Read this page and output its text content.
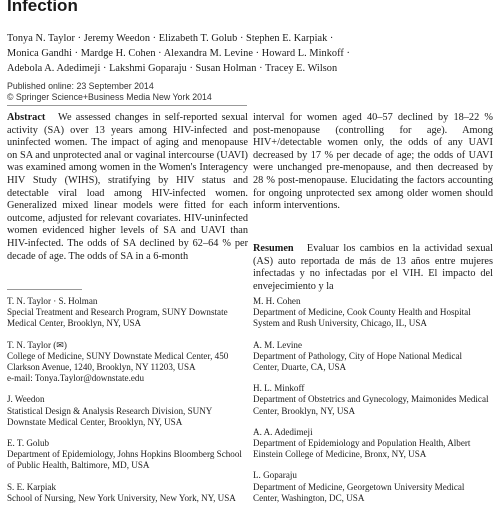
Infection
Tonya N. Taylor · Jeremy Weedon · Elizabeth T. Golub · Stephen E. Karpiak ·
Monica Gandhi · Mardge H. Cohen · Alexandra M. Levine · Howard L. Minkoff ·
Adebola A. Adedimeji · Lakshmi Goparaju · Susan Holman · Tracey E. Wilson
Published online: 23 September 2014
© Springer Science+Business Media New York 2014
Abstract We assessed changes in self-reported sexual activity (SA) over 13 years among HIV-infected and uninfected women. The impact of aging and menopause on SA and unprotected anal or vaginal intercourse (UAVI) was examined among women in the Women's Interagency HIV Study (WIHS), stratifying by HIV status and detectable viral load among HIV-infected women. Generalized mixed linear models were fitted for each outcome, adjusted for relevant covariates. HIV-uninfected women evidenced higher levels of SA and UAVI than HIV-infected. The odds of SA declined by 62–64 % per decade of age. The odds of SA in a 6-month
interval for women aged 40–57 declined by 18–22 % post-menopause (controlling for age). Among HIV+/detectable women only, the odds of any UAVI decreased by 17 % per decade of age; the odds of UAVI were unchanged pre-menopause, and then decreased by 28 % post-menopause. Elucidating the factors accounting for ongoing unprotected sex among older women should inform interventions.
Resumen Evaluar los cambios en la actividad sexual (AS) auto reportada de más de 13 años entre mujeres infectadas y no infectadas por el VIH. El impacto del envejecimiento y la
T. N. Taylor · S. Holman
Special Treatment and Research Program, SUNY Downstate
Medical Center, Brooklyn, NY, USA
T. N. Taylor (✉)
College of Medicine, SUNY Downstate Medical Center, 450
Clarkson Avenue, 1240, Brooklyn, NY 11203, USA
e-mail: Tonya.Taylor@downstate.edu
J. Weedon
Statistical Design & Analysis Research Division, SUNY
Downstate Medical Center, Brooklyn, NY, USA
E. T. Golub
Department of Epidemiology, Johns Hopkins Bloomberg School
of Public Health, Baltimore, MD, USA
S. E. Karpiak
School of Nursing, New York University, New York, NY, USA
M. H. Cohen
Department of Medicine, Cook County Health and Hospital
System and Rush University, Chicago, IL, USA
A. M. Levine
Department of Pathology, City of Hope National Medical
Center, Duarte, CA, USA
H. L. Minkoff
Department of Obstetrics and Gynecology, Maimonides Medical
Center, Brooklyn, NY, USA
A. A. Adedimeji
Department of Epidemiology and Population Health, Albert
Einstein College of Medicine, Bronx, NY, USA
L. Goparaju
Department of Medicine, Georgetown University Medical
Center, Washington, DC, USA
